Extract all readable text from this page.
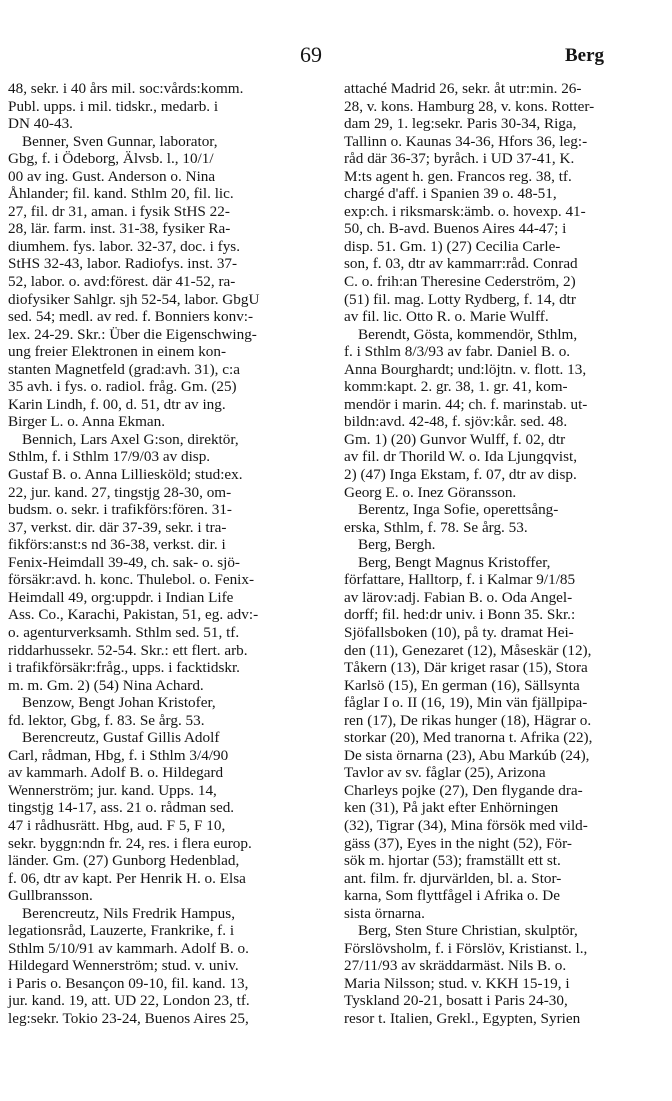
69	Berg
48, sekr. i 40 års mil. soc:vårds:komm.
Publ. upps. i mil. tidskr., medarb. i
DN 40-43.
Benner, Sven Gunnar, laborator,
Gbg, f. i Ödeborg, Älvsb. l., 10/1/
00 av ing. Gust. Anderson o. Nina
Åhlander; fil. kand. Sthlm 20, fil. lic.
27, fil. dr 31, aman. i fysik StHS 22-
28, lär. farm. inst. 31-38, fysiker Ra-
diumhem. fys. labor. 32-37, doc. i fys.
StHS 32-43, labor. Radiofys. inst. 37-
52, labor. o. avd:förest. där 41-52, ra-
diofysiker Sahlgr. sjh 52-54, labor. GbgU
sed. 54; medl. av red. f. Bonniers konv:-
lex. 24-29. Skr.: Über die Eigenschwing-
ung freier Elektronen in einem kon-
stanten Magnetfeld (grad:avh. 31), c:a
35 avh. i fys. o. radiol. fråg. Gm. (25)
Karin Lindh, f. 00, d. 51, dtr av ing.
Birger L. o. Anna Ekman.
Bennich, Lars Axel G:son, direktör,
Sthlm, f. i Sthlm 17/9/03 av disp.
Gustaf B. o. Anna Lilliesköld; stud:ex.
22, jur. kand. 27, tingstjg 28-30, om-
budsm. o. sekr. i trafikförs:fören. 31-
37, verkst. dir. där 37-39, sekr. i tra-
fikförs:anst:s nd 36-38, verkst. dir. i
Fenix-Heimdall 39-49, ch. sak- o. sjö-
försäkr:avd. h. konc. Thulebol. o. Fenix-
Heimdall 49, org:uppdr. i Indian Life
Ass. Co., Karachi, Pakistan, 51, eg. adv:-
o. agenturverksamh. Sthlm sed. 51, tf.
riddarhussekr. 52-54. Skr.: ett flert. arb.
i trafikförsäkr:fråg., upps. i facktidskr.
m. m. Gm. 2) (54) Nina Achard.
Benzow, Bengt Johan Kristofer,
fd. lektor, Gbg, f. 83. Se årg. 53.
Berencreutz, Gustaf Gillis Adolf
Carl, rådman, Hbg, f. i Sthlm 3/4/90
av kammarh. Adolf B. o. Hildegard
Wennerström; jur. kand. Upps. 14,
tingstjg 14-17, ass. 21 o. rådman sed.
47 i rådhusrätt. Hbg, aud. F 5, F 10,
sekr. byggn:ndn fr. 24, res. i flera europ.
länder. Gm. (27) Gunborg Hedenblad,
f. 06, dtr av kapt. Per Henrik H. o. Elsa
Gullbransson.
Berencreutz, Nils Fredrik Hampus,
legationsråd, Lauzerte, Frankrike, f. i
Sthlm 5/10/91 av kammarh. Adolf B. o.
Hildegard Wennerström; stud. v. univ.
i Paris o. Besançon 09-10, fil. kand. 13,
jur. kand. 19, att. UD 22, London 23, tf.
leg:sekr. Tokio 23-24, Buenos Aires 25,
attaché Madrid 26, sekr. åt utr:min. 26-
28, v. kons. Hamburg 28, v. kons. Rotter-
dam 29, 1. leg:sekr. Paris 30-34, Riga,
Tallinn o. Kaunas 34-36, Hfors 36, leg:-
råd där 36-37; byråch. i UD 37-41, K.
M:ts agent h. gen. Francos reg. 38, tf.
chargé d'aff. i Spanien 39 o. 48-51,
exp:ch. i riksmarsk:ämb. o. hovexp. 41-
50, ch. B-avd. Buenos Aires 44-47; i
disp. 51. Gm. 1) (27) Cecilia Carle-
son, f. 03, dtr av kammarr:råd. Conrad
C. o. frih:an Theresine Cederström, 2)
(51) fil. mag. Lotty Rydberg, f. 14, dtr
av fil. lic. Otto R. o. Marie Wulff.
Berendt, Gösta, kommendör, Sthlm,
f. i Sthlm 8/3/93 av fabr. Daniel B. o.
Anna Bourghardt; und:löjtn. v. flott. 13,
komm:kapt. 2. gr. 38, 1. gr. 41, kom-
mendör i marin. 44; ch. f. marinstab. ut-
bildn:avd. 42-48, f. sjöv:kår. sed. 48.
Gm. 1) (20) Gunvor Wulff, f. 02, dtr
av fil. dr Thorild W. o. Ida Ljungqvist,
2) (47) Inga Ekstam, f. 07, dtr av disp.
Georg E. o. Inez Göransson.
Berentz, Inga Sofie, operettsång-
erska, Sthlm, f. 78. Se årg. 53.
Berg, Bergh.
Berg, Bengt Magnus Kristoffer,
författare, Halltorp, f. i Kalmar 9/1/85
av lärov:adj. Fabian B. o. Oda Angel-
dorff; fil. hed:dr univ. i Bonn 35. Skr.:
Sjöfallsboken (10), på ty. dramat Hei-
den (11), Genezaret (12), Måseskär (12),
Tåkern (13), Där kriget rasar (15), Stora
Karlsö (15), En german (16), Sällsynta
fåglar I o. II (16, 19), Min vän fjällpipa-
ren (17), De rikas hunger (18), Hägrar o.
storkar (20), Med tranorna t. Afrika (22),
De sista örnarna (23), Abu Markúb (24),
Tavlor av sv. fåglar (25), Arizona
Charleys pojke (27), Den flygande dra-
ken (31), På jakt efter Enhörningen
(32), Tigrar (34), Mina försök med vild-
gäss (37), Eyes in the night (52), För-
sök m. hjortar (53); framställt ett st.
ant. film. fr. djurvärlden, bl. a. Stor-
karna, Som flyttfågel i Afrika o. De
sista örnarna.
Berg, Sten Sture Christian, skulptör,
Förslövsholm, f. i Förslöv, Kristianst. l.,
27/11/93 av skräddarmäst. Nils B. o.
Maria Nilsson; stud. v. KKH 15-19, i
Tyskland 20-21, bosatt i Paris 24-30,
resor t. Italien, Grekl., Egypten, Syrien
